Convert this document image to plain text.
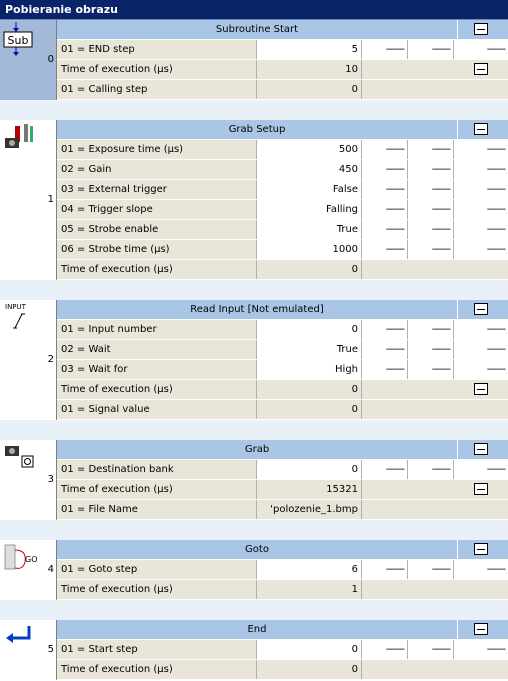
Pobieranie obrazu
Sub
0
Subroutine Start
01 = END step	5	-------	-------	-------
Time of execution (µs)	10
01 = Calling step	0
1
Grab Setup
01 = Exposure time (µs)	500	-------	-------	-------
02 = Gain	450	-------	-------	-------
03 = External trigger	False	-------	-------	-------
04 = Trigger slope	Falling	-------	-------	-------
05 = Strobe enable	True	-------	-------	-------
06 = Strobe time (µs)	1000	-------	-------	-------
Time of execution (µs)	0
INPUT
2
Read Input [Not emulated]
01 = Input number	0	-------	-------	-------
02 = Wait	True	-------	-------	-------
03 = Wait for	High	-------	-------	-------
Time of execution (µs)	0
01 = Signal value	0
3
Grab
01 = Destination bank	0	-------	-------	-------
Time of execution (µs)	15321
01 = File Name	'polozenie_1.bmp
GO
4
Goto
01 = Goto step	6	-------	-------	-------
Time of execution (µs)	1
5
End
01 = Start step	0	-------	-------	-------
Time of execution (µs)	0
